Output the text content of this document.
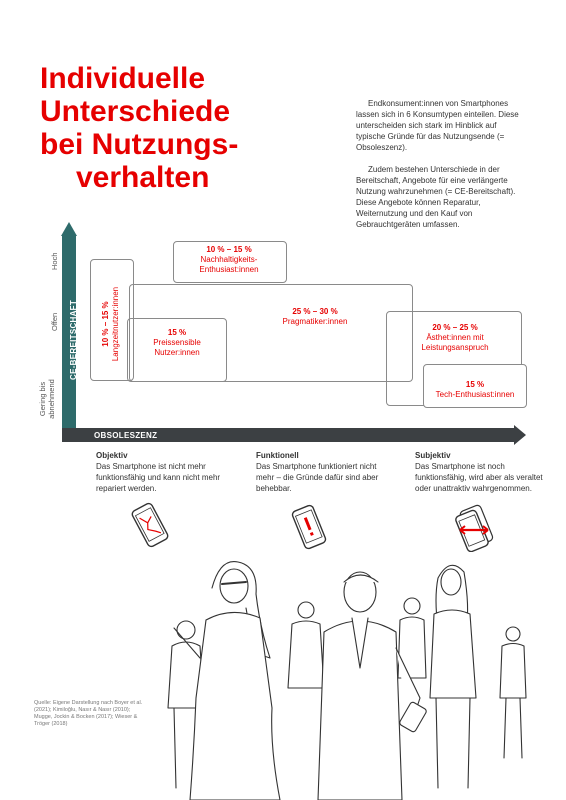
Individuelle
Unterschiede
bei Nutzungs-
verhalten

Endkonsument:innen von Smartphones lassen sich in 6 Konsumtypen einteilen. Diese unterscheiden sich stark im Hinblick auf typische Gründe für das Nutzungsende (= Obsoleszenz).

Zudem bestehen Unterschiede in der Bereitschaft, Angebote für eine verlängerte Nutzung wahrzunehmen (= CE-Bereitschaft). Diese Angebote können Reparatur, Weiternutzung und den Kauf von Gebrauchtgeräten umfassen.

10 % – 15 % Langzeitnutzer:innen	15 %
Preissensible Nutzer:innen
10 % – 15 %
Nachhaltigkeits-Enthusiast:innen
25 % – 30 %
Pragmatiker:innen
20 % – 25 %
Ästhet:innen mit Leistungsanspruch
15 %
Tech-Enthusiast:innen
CE-BEREITSCHAFT
Hoch
Offen
Gering bis abnehmend
OBSOLESZENZ
Objektiv
Das Smartphone ist nicht mehr funktionsfähig und kann nicht mehr repariert werden.
Funktionell
Das Smartphone funktioniert nicht mehr – die Gründe dafür sind aber behebbar.
Subjektiv
Das Smartphone ist noch funktionsfähig, wird aber als veraltet oder unattraktiv wahrgenommen.
Quelle: Eigene Darstellung nach Boyer et al. (2021); Kimiloğlu, Nasır & Nasır (2010); Mugge, Jockin & Bocken (2017); Wieser & Tröger (2018)
